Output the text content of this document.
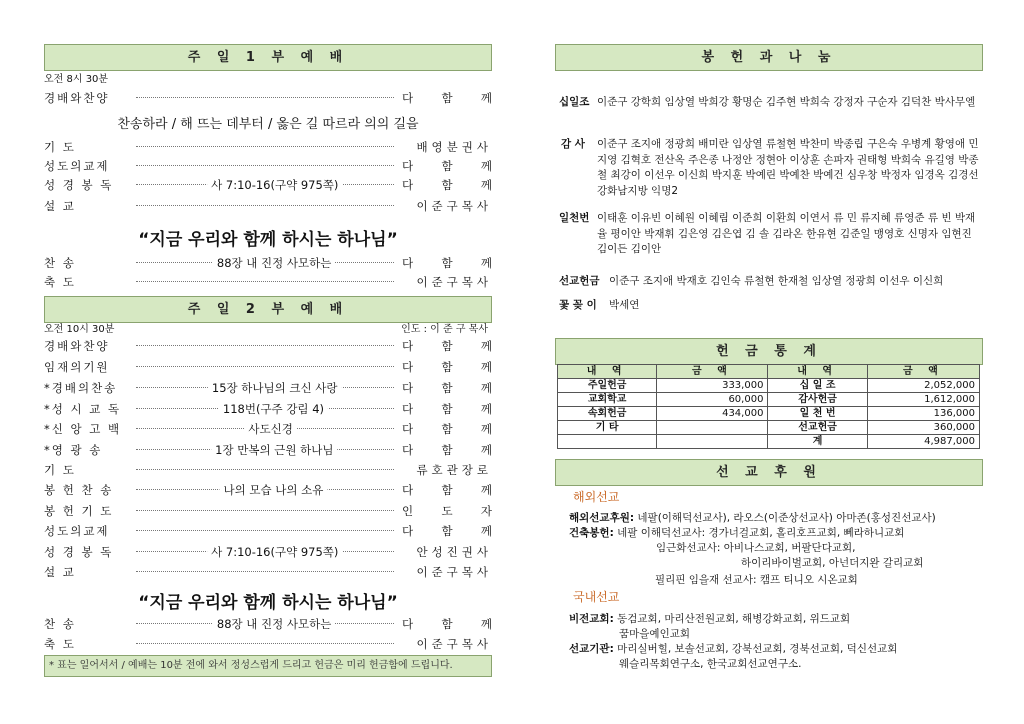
주 일 1 부 예 배
오전 8시 30분
경배와찬양	다 함 께
찬송하라 / 해 뜨는 데부터 / 옳은 길 따르라 의의 길을
기 도	배영분권사
성도의교제	다 함 께
성 경 봉 독	사 7:10-16(구약 975쪽)	다 함 께
설 교	이준구목사
“지금 우리와 함께 하시는 하나님”
찬 송	88장 내 진정 사모하는	다 함 께
축 도	이준구목사
주 일 2 부 예 배
오전 10시 30분	인도 : 이 준 구 목사
경배와찬양	다 함 께
임재의기원	다 함 께
*경배의찬송	15장 하나님의 크신 사랑	다 함 께
*성 시 교 독	118번(구주 강림 4)	다 함 께
*신 앙 고 백	사도신경	다 함 께
*영 광 송	1장 만복의 근원 하나님	다 함 께
기 도	류호관장로
봉 헌 찬 송	나의 모습 나의 소유	다 함 께
봉 헌 기 도	인 도 자
성도의교제	다 함 께
성 경 봉 독	사 7:10-16(구약 975쪽)	안성진권사
설 교	이준구목사
“지금 우리와 함께 하시는 하나님”
찬 송	88장 내 진정 사모하는	다 함 께
축 도	이준구목사
* 표는 일어서서 / 예배는 10분 전에 와서 정성스럽게 드리고 헌금은 미리 헌금함에 드립니다.
봉 헌 과 나 눔
십일조 이준구 강학희 임상열 박희강 황명순 김주현 박희숙 강정자 구순자 김덕찬 박사무엘
감 사 이준구 조지애 정광희 배미란 임상열 류철현 박찬미 박종립 구은숙 우병계 황영애 민지영 김혁호 전산옥 주은종 나정안 정현아 이상훈 손파자 권태형 박희숙 유길영 박종철 최강이 이선우 이신희 박지훈 박예린 박예찬 박예건 심우창 박정자 임경옥 김경선 강화남지방 익명2
일천번 이태훈 이유빈 이혜원 이혜림 이준희 이환희 이연서 류 민 류지혜 류영준 류 빈 박재율 평이안 박재휘 김은영 김은엽 김 솔 김라온 한유현 김준일 맹영호 신명자 임현진 김이든 김이안
선교헌금 이준구 조지애 박재호 김인숙 류철현 한재철 임상열 정광희 이선우 이신희
꽃 꽂 이 박세연
헌 금 통 계
내 역	금 액	내 역	금 액
주일헌금	333,000	십 일 조	2,052,000
교회학교	60,000	감사헌금	1,612,000
속회헌금	434,000	일 천 번	136,000
기 타		선교헌금	360,000
		계	4,987,000
선 교 후 원
해외선교
해외선교후원: 네팔(이해덕선교사), 라오스(이준상선교사) 아마존(홍성진선교사)
건축봉헌: 네팔 이해덕선교사: 경가너걸교회, 홀리호프교회, 뻬라하니교회
임근화선교사: 아비나스교회, 버팔단다교회,
하이리바이벌교회, 아넌더지완 갈리교회
필리핀 임을재 선교사: 캠프 티니오 시온교회
국내선교
비전교회: 동검교회, 마리산전원교회, 해병강화교회, 위드교회
꿈마을예인교회
선교기관: 마리실버힐, 보솔선교회, 강북선교회, 경북선교회, 덕신선교회
웨슬리목회연구소, 한국교회선교연구소.
